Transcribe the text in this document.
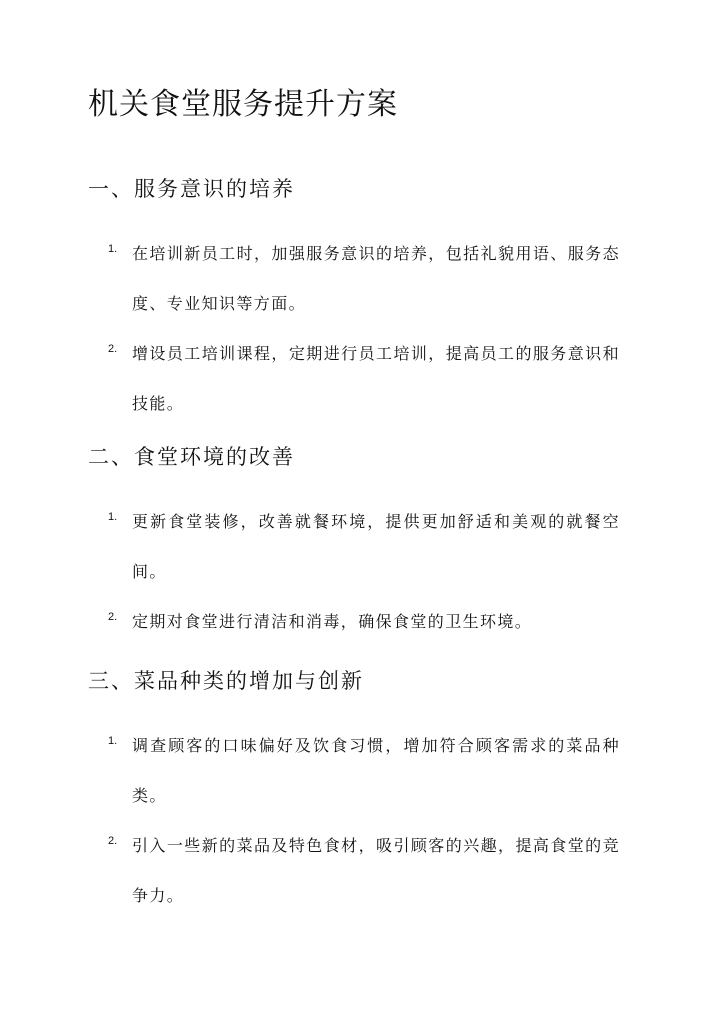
机关食堂服务提升方案
一、服务意识的培养
1. 在培训新员工时，加强服务意识的培养，包括礼貌用语、服务态度、专业知识等方面。

2. 增设员工培训课程，定期进行员工培训，提高员工的服务意识和技能。

二、食堂环境的改善
1. 更新食堂装修，改善就餐环境，提供更加舒适和美观的就餐空间。

2. 定期对食堂进行清洁和消毒，确保食堂的卫生环境。

三、菜品种类的增加与创新
1. 调查顾客的口味偏好及饮食习惯，增加符合顾客需求的菜品种类。

2. 引入一些新的菜品及特色食材，吸引顾客的兴趣，提高食堂的竞争力。
